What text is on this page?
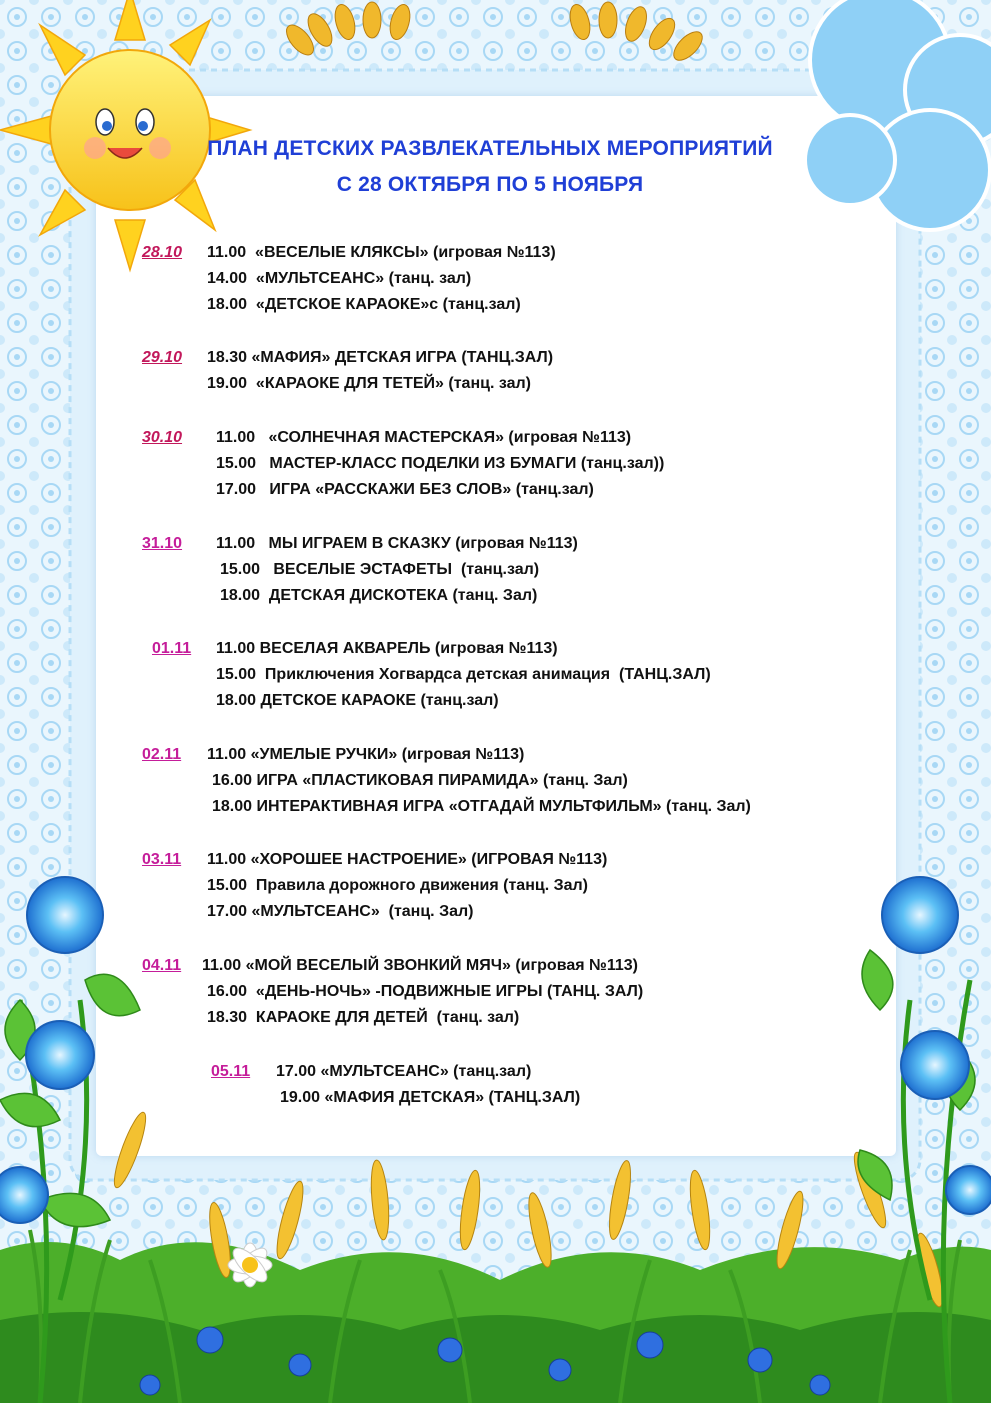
ПЛАН ДЕТСКИХ РАЗВЛЕКАТЕЛЬНЫХ МЕРОПРИЯТИЙ
С 28 ОКТЯБРЯ ПО 5 НОЯБРЯ
28.10 11.00  «ВЕСЕЛЫЕ КЛЯКСЫ» (игровая №113)
14.00  «МУЛЬТСЕАНС» (танц. зал)
18.00  «ДЕТСКОЕ КАРАОКЕ»с (танц.зал)
29.10 18.30 «МАФИЯ» ДЕТСКАЯ ИГРА (ТАНЦ.ЗАЛ)
19.00  «КАРАОКЕ ДЛЯ ТЕТЕЙ» (танц. зал)
30.10 11.00   «СОЛНЕЧНАЯ МАСТЕРСКАЯ» (игровая №113)
15.00   МАСТЕР-КЛАСС ПОДЕЛКИ ИЗ БУМАГИ (танц.зал))
17.00   ИГРА «РАССКАЖИ БЕЗ СЛОВ» (танц.зал)
31.10 11.00   МЫ ИГРАЕМ В СКАЗКУ (игровая №113)
15.00   ВЕСЕЛЫЕ ЭСТАФЕТЫ  (танц.зал)
18.00  ДЕТСКАЯ ДИСКОТЕКА (танц. Зал)
01.11 11.00 ВЕСЕЛАЯ АКВАРЕЛЬ (игровая №113)
15.00  Приключения Хогвардса детская анимация  (ТАНЦ.ЗАЛ)
18.00 ДЕТСКОЕ КАРАОКЕ (танц.зал)
02.11 11.00 «УМЕЛЫЕ РУЧКИ» (игровая №113)
16.00 ИГРА «ПЛАСТИКОВАЯ ПИРАМИДА» (танц. Зал)
18.00 ИНТЕРАКТИВНАЯ ИГРА «ОТГАДАЙ МУЛЬТФИЛЬМ» (танц. Зал)
03.11 11.00 «ХОРОШЕЕ НАСТРОЕНИЕ» (ИГРОВАЯ №113)
15.00  Правила дорожного движения (танц. Зал)
17.00 «МУЛЬТСЕАНС»  (танц. Зал)
04.11 11.00 «МОЙ ВЕСЕЛЫЙ ЗВОНКИЙ МЯЧ» (игровая №113)
16.00  «ДЕНЬ-НОЧЬ» -ПОДВИЖНЫЕ ИГРЫ (ТАНЦ. ЗАЛ)
18.30  КАРАОКЕ ДЛЯ ДЕТЕЙ  (танц. зал)
05.11 17.00 «МУЛЬТСЕАНС» (танц.зал)
19.00 «МАФИЯ ДЕТСКАЯ» (ТАНЦ.ЗАЛ)
